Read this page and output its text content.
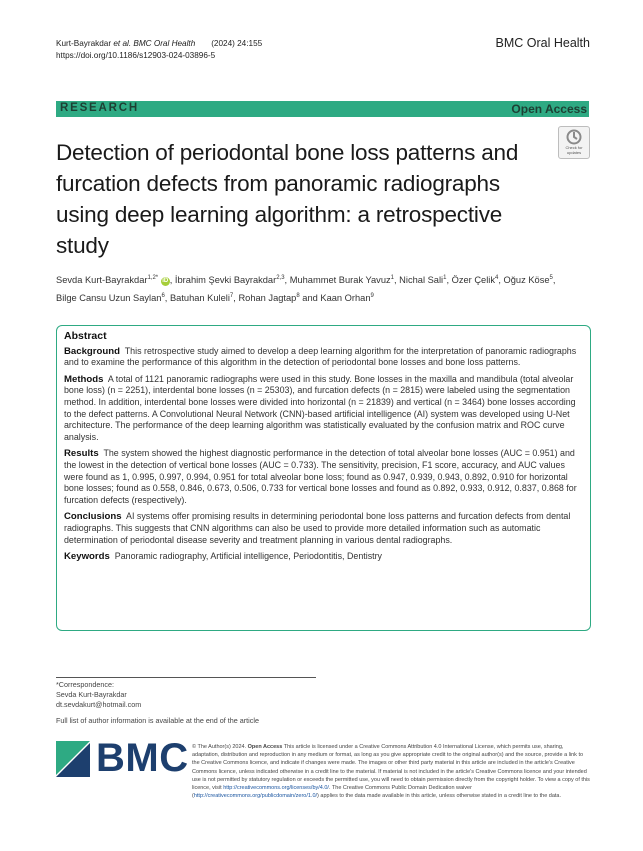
Kurt-Bayrakdar et al. BMC Oral Health (2024) 24:155
https://doi.org/10.1186/s12903-024-03896-5
BMC Oral Health
RESEARCH	Open Access
Detection of periodontal bone loss patterns and furcation defects from panoramic radiographs using deep learning algorithm: a retrospective study
Check for
updates
Sevda Kurt-Bayrakdar$^{1,2*}$ iD , İbrahim Şevki Bayrakdar$^{2,3}$, Muhammet Burak Yavuz$^1$, Nichal Sali$^1$, Özer Çelik$^4$, Oğuz Köse$^5$,
Bilge Cansu Uzun Saylan$^6$, Batuhan Kuleli$^7$, Rohan Jagtap$^8$ and Kaan Orhan$^9$
Abstract

Background This retrospective study aimed to develop a deep learning algorithm for the interpretation of panoramic radiographs and to examine the performance of this algorithm in the detection of periodontal bone losses and bone loss patterns.

Methods A total of 1121 panoramic radiographs were used in this study. Bone losses in the maxilla and mandibula (total alveolar bone loss) (n = 2251), interdental bone losses (n = 25303), and furcation defects (n = 2815) were labeled using the segmentation method. In addition, interdental bone losses were divided into horizontal (n = 21839) and vertical (n = 3464) bone losses according to the defect patterns. A Convolutional Neural Network (CNN)-based artificial intelligence (AI) system was developed using U-Net architecture. The performance of the deep learning algorithm was statistically evaluated by the confusion matrix and ROC curve analysis.

Results The system showed the highest diagnostic performance in the detection of total alveolar bone losses (AUC = 0.951) and the lowest in the detection of vertical bone losses (AUC = 0.733). The sensitivity, precision, F1 score, accuracy, and AUC values were found as 1, 0.995, 0.997, 0.994, 0.951 for total alveolar bone loss; found as 0.947, 0.939, 0.943, 0.892, 0.910 for horizontal bone losses; found as 0.558, 0.846, 0.673, 0.506, 0.733 for vertical bone losses and found as 0.892, 0.933, 0.912, 0.837, 0.868 for furcation defects (respectively).

Conclusions AI systems offer promising results in determining periodontal bone loss patterns and furcation defects from dental radiographs. This suggests that CNN algorithms can also be used to provide more detailed information such as automatic determination of periodontal disease severity and treatment planning in various dental radiographs.

Keywords Panoramic radiography, Artificial intelligence, Periodontitis, Dentistry

*Correspondence:
Sevda Kurt-Bayrakdar
dt.sevdakurt@hotmail.com
Full list of author information is available at the end of the article
BMC © The Author(s) 2024. Open Access This article is licensed under a Creative Commons Attribution 4.0 International License, which permits use, sharing, adaptation, distribution and reproduction in any medium or format, as long as you give appropriate credit to the original author(s) and the source, provide a link to the Creative Commons licence, and indicate if changes were made. The images or other third party material in this article are included in the article's Creative Commons licence, unless indicated otherwise in a credit line to the material. If material is not included in the article's Creative Commons licence and your intended use is not permitted by statutory regulation or exceeds the permitted use, you will need to obtain permission directly from the copyright holder. To view a copy of this licence, visit http://creativecommons.org/licenses/by/4.0/. The Creative Commons Public Domain Dedication waiver (http://creativecommons.org/publicdomain/zero/1.0/) applies to the data made available in this article, unless otherwise stated in a credit line to the data.
